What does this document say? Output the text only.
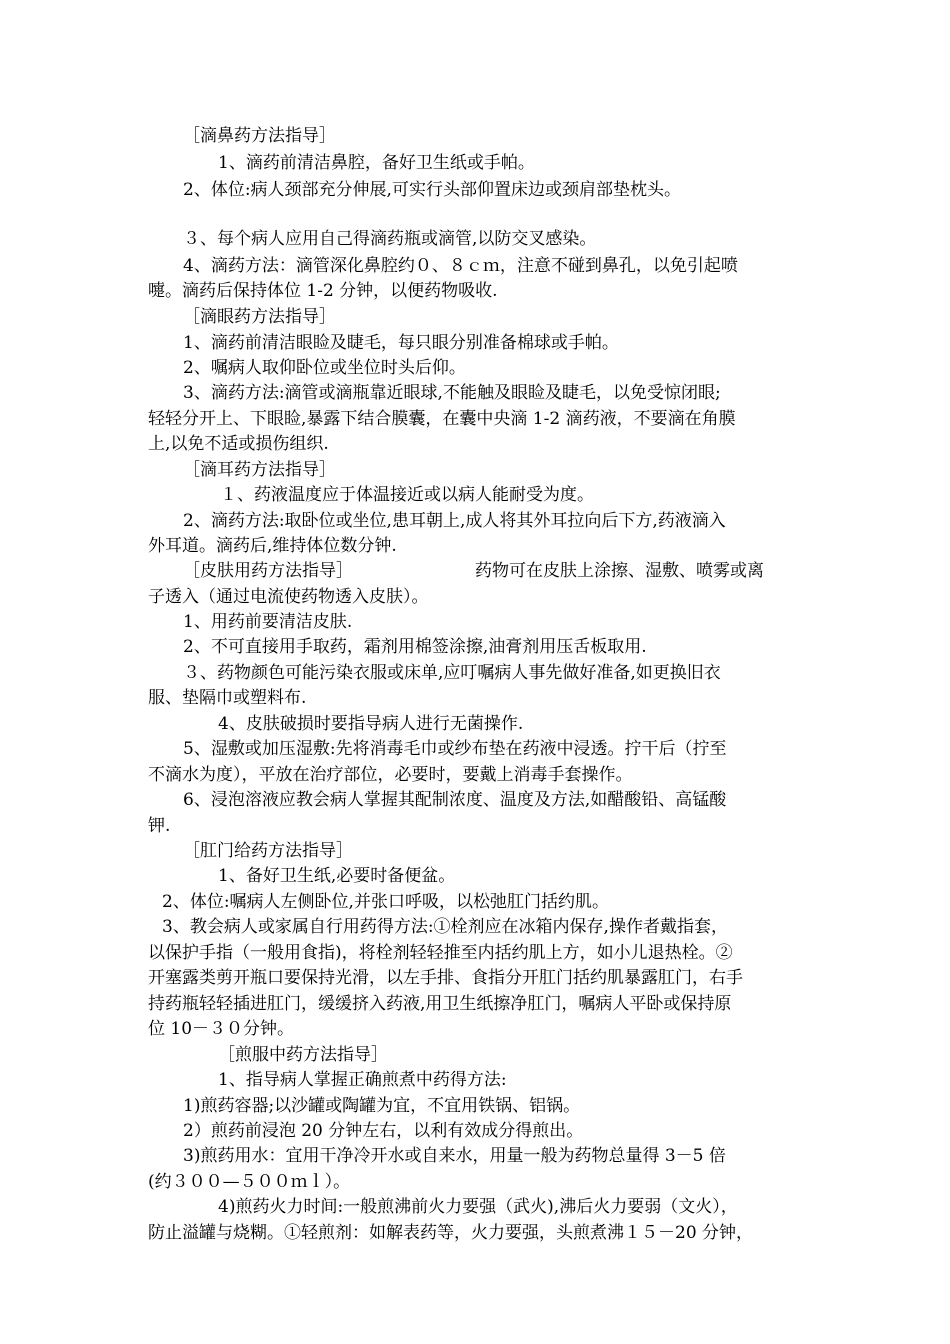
［滴鼻药方法指导］
1、滴药前清洁鼻腔，备好卫生纸或手帕。
2、体位:病人颈部充分伸展,可实行头部仰置床边或颈肩部垫枕头。
３、每个病人应用自己得滴药瓶或滴管,以防交叉感染。
4、滴药方法：滴管深化鼻腔约０、８ｃｍ，注意不碰到鼻孔，以免引起喷
嚏。滴药后保持体位 1-2 分钟，以便药物吸收.
［滴眼药方法指导］
1、滴药前清洁眼睑及睫毛，每只眼分别准备棉球或手帕。
2、嘱病人取仰卧位或坐位时头后仰。
3、滴药方法:滴管或滴瓶靠近眼球,不能触及眼睑及睫毛，以免受惊闭眼;
轻轻分开上、下眼睑,暴露下结合膜囊，在囊中央滴 1-2 滴药液，不要滴在角膜
上,以免不适或损伤组织.
［滴耳药方法指导］
１、药液温度应于体温接近或以病人能耐受为度。
2、滴药方法:取卧位或坐位,患耳朝上,成人将其外耳拉向后下方,药液滴入
外耳道。滴药后,维持体位数分钟.
［皮肤用药方法指导］	药物可在皮肤上涂擦、湿敷、喷雾或离
子透入（通过电流使药物透入皮肤）。
1、用药前要清洁皮肤.
2、不可直接用手取药，霜剂用棉签涂擦,油膏剂用压舌板取用.
３、药物颜色可能污染衣服或床单,应叮嘱病人事先做好准备,如更换旧衣
服、垫隔巾或塑料布.
4、皮肤破损时要指导病人进行无菌操作.
5、湿敷或加压湿敷:先将消毒毛巾或纱布垫在药液中浸透。拧干后（拧至
不滴水为度），平放在治疗部位，必要时，要戴上消毒手套操作。
6、浸泡溶液应教会病人掌握其配制浓度、温度及方法,如醋酸铅、高锰酸
钾.
［肛门给药方法指导］
1、备好卫生纸,必要时备便盆。
2、体位:嘱病人左侧卧位,并张口呼吸，以松弛肛门括约肌。
3、教会病人或家属自行用药得方法:①栓剂应在冰箱内保存,操作者戴指套，
以保护手指（一般用食指)，将栓剂轻轻推至内括约肌上方，如小儿退热栓。②
开塞露类剪开瓶口要保持光滑，以左手排、食指分开肛门括约肌暴露肛门，右手
持药瓶轻轻插进肛门，缓缓挤入药液,用卫生纸擦净肛门，嘱病人平卧或保持原
位 10－３０分钟。
［煎服中药方法指导］
1、指导病人掌握正确煎煮中药得方法:
1)煎药容器;以沙罐或陶罐为宜，不宜用铁锅、铝锅。
2）煎药前浸泡 20 分钟左右，以利有效成分得煎出。
3)煎药用水：宜用干净冷开水或自来水，用量一般为药物总量得 3－5 倍
(约３００—５００ｍｌ）。
4)煎药火力时间:一般煎沸前火力要强（武火),沸后火力要弱（文火），
防止溢罐与烧糊。①轻煎剂：如解表药等，火力要强，头煎煮沸１５－20 分钟，
